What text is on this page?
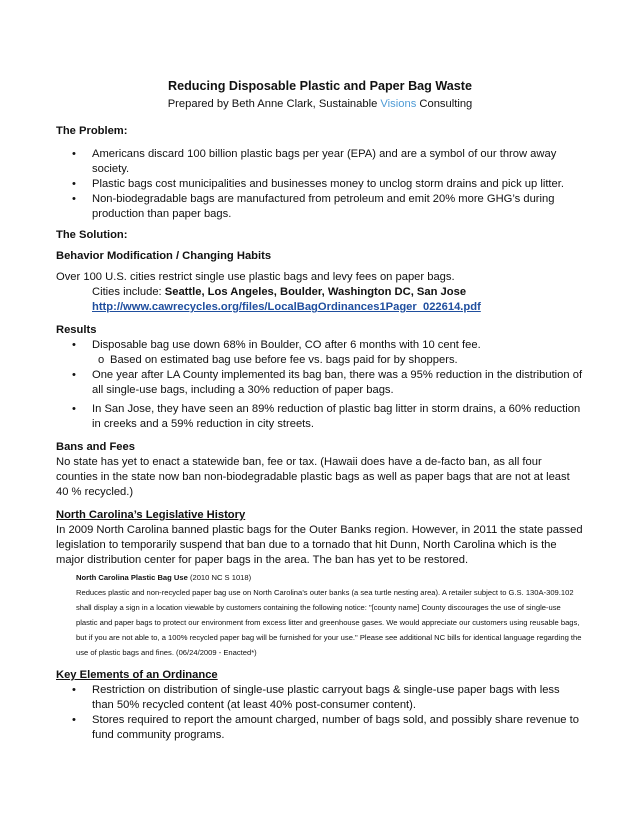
Reducing Disposable Plastic and Paper Bag Waste

Prepared by Beth Anne Clark, Sustainable Visions Consulting

The Problem:
• Americans discard 100 billion plastic bags per year (EPA) and are a symbol of our throw away society.
• Plastic bags cost municipalities and businesses money to unclog storm drains and pick up litter.
• Non-biodegradable bags are manufactured from petroleum and emit 20% more GHG’s during production than paper bags.
The Solution:
Behavior Modification / Changing Habits

Over 100 U.S. cities restrict single use plastic bags and levy fees on paper bags.

Cities include: Seattle, Los Angeles, Boulder, Washington DC, San Jose

http://www.cawrecycles.org/files/LocalBagOrdinances1Pager_022614.pdf

Results
• Disposable bag use down 68% in Boulder, CO after 6 months with 10 cent fee.
o Based on estimated bag use before fee vs. bags paid for by shoppers.
• One year after LA County implemented its bag ban, there was a 95% reduction in the distribution of all single-use bags, including a 30% reduction of paper bags.
• In San Jose, they have seen an 89% reduction of plastic bag litter in storm drains, a 60% reduction in creeks and a 59% reduction in city streets.
Bans and Fees

No state has yet to enact a statewide ban, fee or tax. (Hawaii does have a de-facto ban, as all four counties in the state now ban non-biodegradable plastic bags as well as paper bags that are not at least 40 % recycled.)

North Carolina’s Legislative History

In 2009 North Carolina banned plastic bags for the Outer Banks region. However, in 2011 the state passed legislation to temporarily suspend that ban due to a tornado that hit Dunn, North Carolina which is the major distribution center for paper bags in the area. The ban has yet to be restored.

North Carolina Plastic Bag Use (2010 NC S 1018)
Reduces plastic and non-recycled paper bag use on North Carolina’s outer banks (a sea turtle nesting area). A retailer subject to G.S. 130A-309.102 shall display a sign in a location viewable by customers containing the following notice: "[county name] County discourages the use of single-use plastic and paper bags to protect our environment from excess litter and greenhouse gases. We would appreciate our customers using reusable bags, but if you are not able to, a 100% recycled paper bag will be furnished for your use." Please see additional NC bills for identical language regarding the use of plastic bags and fines. (06/24/2009 - Enacted*)
Key Elements of an Ordinance
• Restriction on distribution of single-use plastic carryout bags & single-use paper bags with less than 50% recycled content (at least 40% post-consumer content).
• Stores required to report the amount charged, number of bags sold, and possibly share revenue to fund community programs.
